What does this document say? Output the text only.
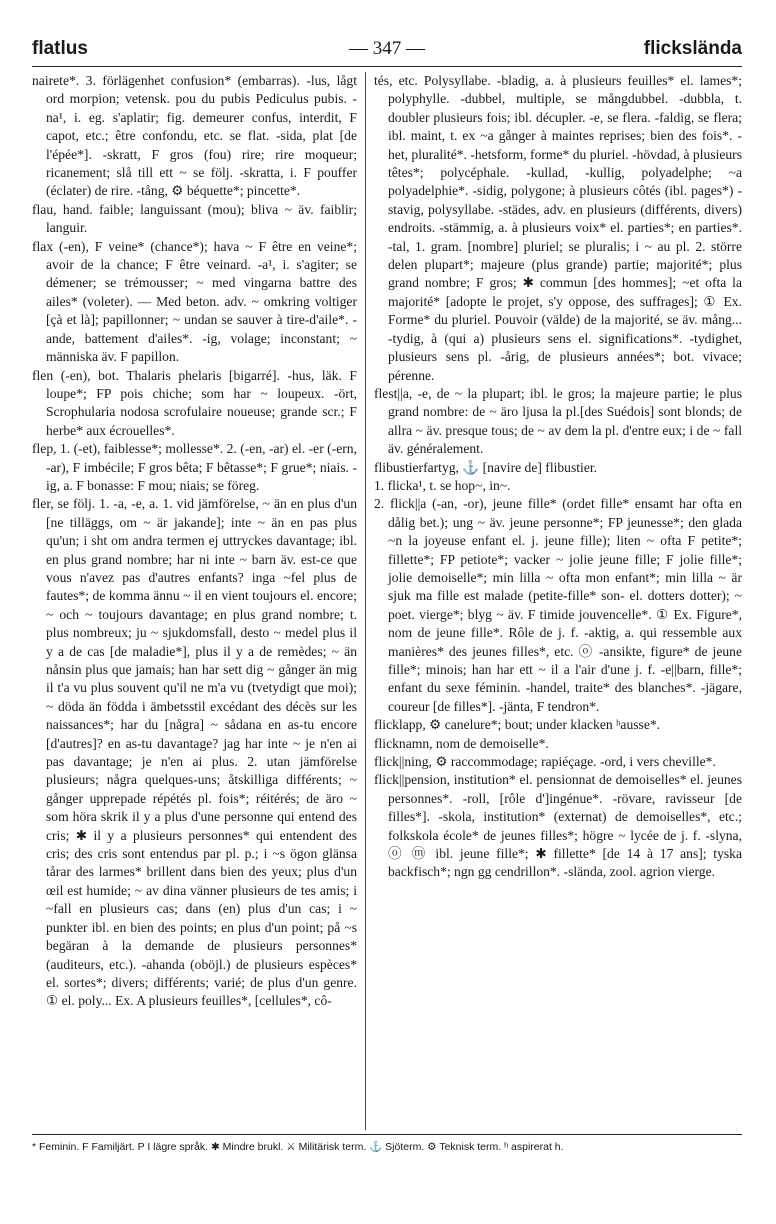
flatlus	— 347 —	flickslända

nairetе*. 3. förlägenhet confusion* (embarras). -lus, lågt ord morpion; vetensk. pou du pubis Pediculus pubis. -na¹, i. eg. s'aplatir; fig. demeurer confus, interdit, F capot, etc.; être confondu, etc. se flat. -sida, plat [de l'épée*]. -skratt, F gros (fou) rire; rire moqueur; ricanement; slå till ett ~ se följ. -skratta, i. F pouffer (éclater) de rire. -tång, ⚙ béquette*; pincette*.

flau, hand. faible; languissant (mou); bliva ~ äv. faiblir; languir.

flax (-en), F veine* (chance*); hava ~ F être en veine*; avoir de la chance; F être veinard. -a¹, i. s'agiter; se démener; se trémousser; ~ med vingarna battre des ailes* (voleter). — Med beton. adv. ~ omkring voltiger [çà et là]; papillonner; ~ undan se sauver à tire-d'aile*. -ande, battement d'ailes*. -ig, volage; inconstant; ~ människa äv. F papillon.

flen (-en), bot. Thalaris phelaris [bigarré]. -hus, läk. F loupe*; FP pois chiche; som har ~ loupeux. -ört, Scrophularia nodosa scrofulaire noueuse; grande scr.; F herbe* aux écrouelles*.

flep, 1. (-et), faiblesse*; mollesse*. 2. (-en, -ar) el. -er (-ern, -ar), F imbécile; F gros bêta; F bêtasse*; F grue*; niais. -ig, a. F bonasse: F mou; niais; se föreg.

fler, se följ. 1. -a, -e, a. 1. vid jämförelse, ~ än en plus d'un [ne tilläggs, om ~ är jakande]; inte ~ än en pas plus qu'un; i sht om andra termen ej uttryckes davantage; ibl. en plus grand nombre; har ni inte ~ barn äv. est-ce que vous n'avez pas d'autres enfants? inga ~fel plus de fautes*; de komma ännu ~ il en vient toujours el. encore; ~ och ~ toujours davantage; en plus grand nombre; t. plus nombreux; ju ~ sjukdomsfall, desto ~ medel plus il y a de cas [de maladie*], plus il y a de remèdes; ~ än nånsin plus que jamais; han har sett dig ~ gånger än mig il t'a vu plus souvent qu'il ne m'a vu (tvetydigt que moi); ~ döda än födda i ämbetsstil excédant des décès sur les naissances*; har du [några] ~ sådana en as-tu encore [d'autres]? en as-tu davantage? jag har inte ~ je n'en ai pas davantage; je n'en ai plus. 2. utan jämförelse plusieurs; några quelques-uns; åtskilliga différents; ~ gånger upprepade répétés pl. fois*; réitérés; de äro ~ som höra skrik il y a plus d'une personne qui entend des cris; ✱ il y a plusieurs personnes* qui entendent des cris; des cris sont entendus par pl. p.; i ~s ögon glänsa tårar des larmes* brillent dans bien des yeux; plus d'un œil est humide; ~ av dina vänner plusieurs de tes amis; i ~fall en plusieurs cas; dans (en) plus d'un cas; i ~ punkter ibl. en bien des points; en plus d'un point; på ~s begäran à la demande de plusieurs personnes* (auditeurs, etc.). -ahanda (oböjl.) de plusieurs espèces* el. sortes*; divers; différents; varié; de plus d'un genre. ① el. poly... Ex. A plusieurs feuilles*, [cellules*, cô-

tés, etc. Polysyllabe. -bladig, a. à plusieurs feuilles* el. lames*; polyphylle. -dubbel, multiple, se mångdubbel. -dubbla, t. doubler plusieurs fois; ibl. décupler. -e, se flera. -faldig, se flera; ibl. maint, t. ex ~a gånger à maintes reprises; bien des fois*. -het, pluralité*. -hetsform, forme* du pluriel. -hövdad, à plusieurs têtes*; polycéphale. -kullad, -kullig, polyadelphe; ~a polyadelphie*. -sidig, polygone; à plusieurs côtés (ibl. pages*) -stavig, polysyllabe. -städes, adv. en plusieurs (différents, divers) endroits. -stämmig, a. à plusieurs voix* el. parties*; en parties*. -tal, 1. gram. [nombre] pluriel; se pluralis; i ~ au pl. 2. större delen plupart*; majeure (plus grande) partie; majorité*; plus grand nombre; F gros; ✱ commun [des hommes]; ~et ofta la majorité* [adopte le projet, s'y oppose, des suffrages]; ① Ex. Forme* du pluriel. Pouvoir (välde) de la majorité, se äv. mång... -tydig, à (qui a) plusieurs sens el. significations*. -tydighet, plusieurs sens pl. -årig, de plusieurs années*; bot. vivace; pérenne.

flest||a, -e, de ~ la plupart; ibl. le gros; la majeure partie; le plus grand nombre: de ~ äro ljusa la pl.[des Suédois] sont blonds; de allra ~ äv. presque tous; de ~ av dem la pl. d'entre eux; i de ~ fall äv. généralement.

flibustierfartyg, ⚓ [navire de] flibustier.

1. flicka¹, t. se hop~, in~.

2. flick||a (-an, -or), jeune fille* (ordet fille* ensamt har ofta en dålig bet.); ung ~ äv. jeune personne*; FP jeunesse*; den glada ~n la joyeuse enfant el. j. jeune fille); liten ~ ofta F petite*; fillette*; FP petiote*; vacker ~ jolie jeune fille; F jolie fille*; jolie demoiselle*; min lilla ~ ofta mon enfant*; min lilla ~ är sjuk ma fille est malade (petite-fille* son- el. dotters dotter); ~ poet. vierge*; blyg ~ äv. F timide jouvencelle*. ① Ex. Figure*, nom de jeune fille*. Rôle de j. f. -aktig, a. qui ressemble aux manières* des jeunes filles*, etc. ⓞ -ansikte, figure* de jeune fille*; minois; han har ett ~ il a l'air d'une j. f. -e||barn, fille*; enfant du sexe féminin. -handel, traite* des blanches*. -jägare, coureur [de filles*]. -jänta, F tendron*.

flicklapp, ⚙ canelure*; bout; under klacken ʰausse*.

flicknamn, nom de demoiselle*.

flick||ning, ⚙ raccommodage; rapiéçage. -ord, i vers cheville*.

flick||pension, institution* el. pensionnat de demoiselles* el. jeunes personnes*. -roll, [rôle d']ingénue*. -rövare, ravisseur [de filles*]. -skola, institution* (externat) de demoiselles*, etc.; folkskola école* de jeunes filles*; högre ~ lycée de j. f. -slyna, ⓞ ⓜ ibl. jeune fille*; ✱ fillette* [de 14 à 17 ans]; tyska backfisch*; ngn gg cendrillon*. -slända, zool. agrion vierge.

* Feminin. F Familjärt. P I lägre språk. ✱ Mindre brukl. ⚔ Militärisk term. ⚓ Sjöterm. ⚙ Teknisk term. ʰ aspirerat h.
